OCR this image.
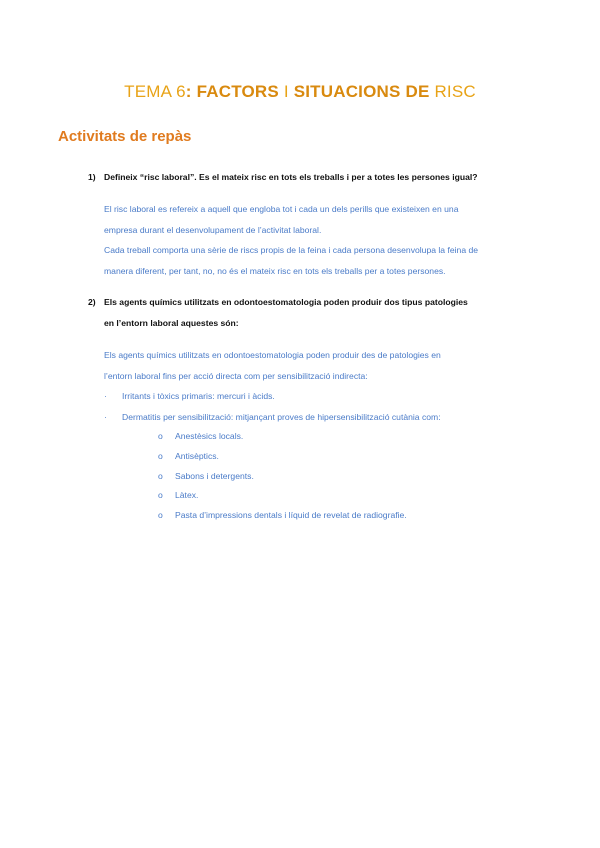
TEMA 6: FACTORS I SITUACIONS DE RISC
Activitats de repàs
1) Defineix “risc laboral”. Es el mateix risc en tots els treballs i per a totes les persones igual?

El risc laboral es refereix a aquell que engloba tot i cada un dels perills que existeixen en una

empresa durant el desenvolupament de l’activitat laboral.

Cada treball comporta una sèrie de riscs propis de la feina i cada persona desenvolupa la feina de

manera diferent, per tant, no, no és el mateix risc en tots els treballs per a totes persones.

2) Els agents químics utilitzats en odontoestomatologia poden produir dos tipus patologies
en l’entorn laboral aquestes són:

Els agents químics utilitzats en odontoestomatologia poden produir des de patologies en

l’entorn laboral fins per acció directa com per sensibilització indirecta:

·	Irritants i tòxics primaris: mercuri i àcids.
·	Dermatitis per sensibilització: mitjançant proves de hipersensibilització cutània com:
o	Anestèsics locals.
o	Antisèptics.
o	Sabons i detergents.
o	Làtex.
o	Pasta d’impressions dentals i líquid de revelat de radiografie.
